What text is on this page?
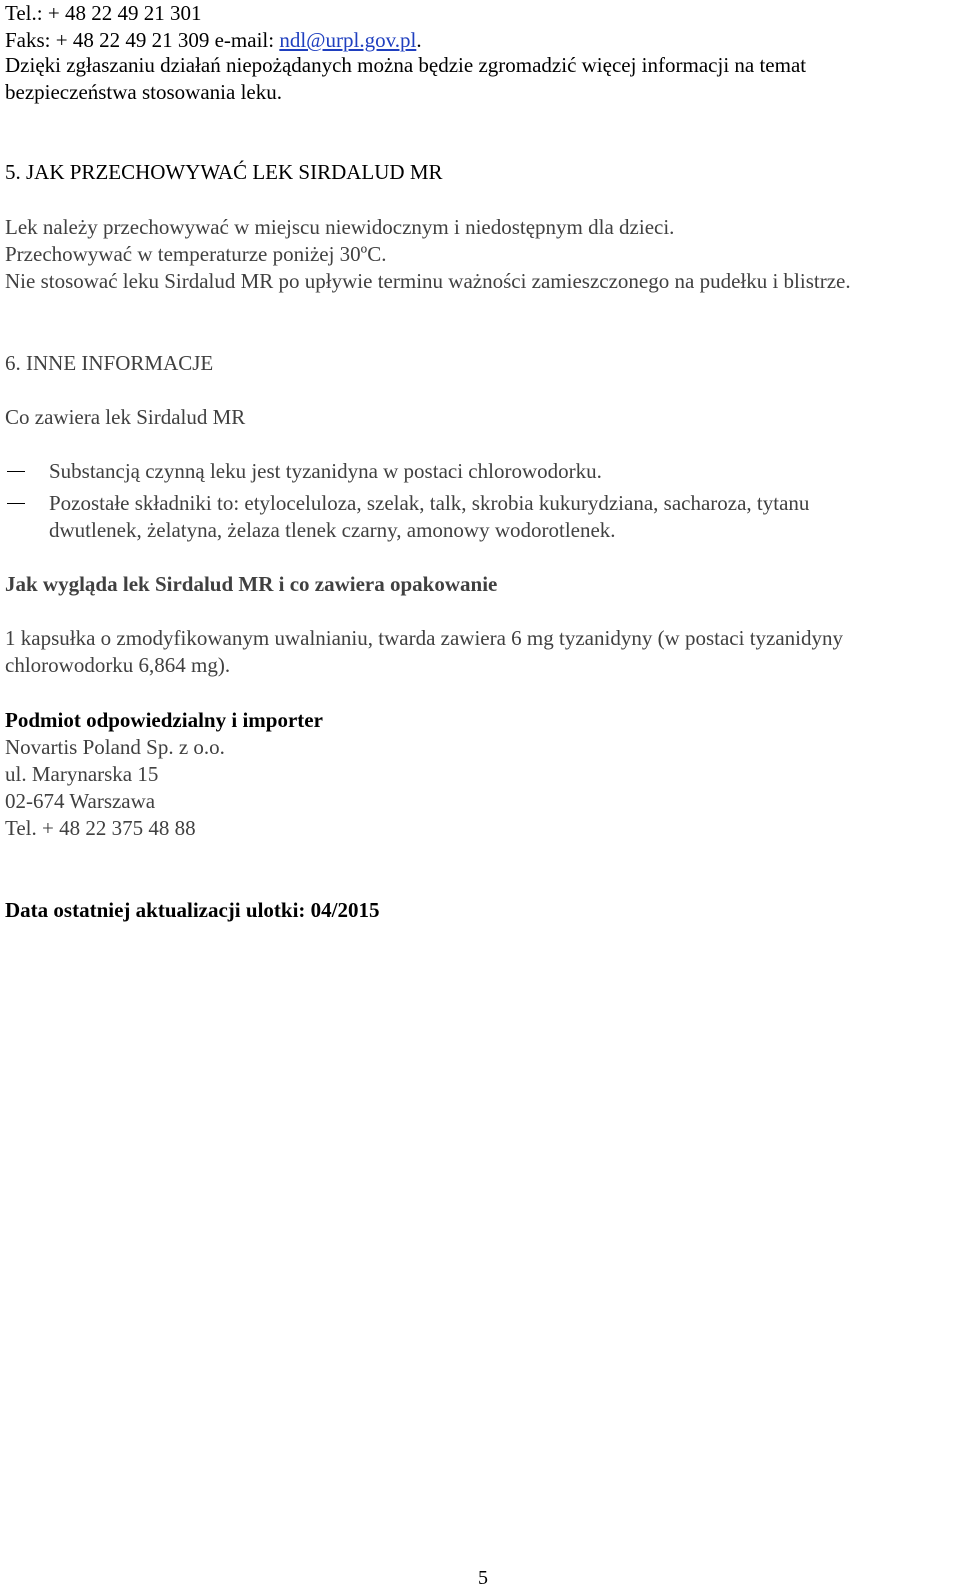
Tel.: + 48 22 49 21 301
Faks: + 48 22 49 21 309 e-mail: ndl@urpl.gov.pl.
Dzięki zgłaszaniu działań niepożądanych można będzie zgromadzić więcej informacji na temat
bezpieczeństwa stosowania leku.
5. JAK PRZECHOWYWAĆ LEK SIRDALUD MR
Lek należy przechowywać w miejscu niewidocznym i niedostępnym dla dzieci.
Przechowywać w temperaturze poniżej 30ºC.
Nie stosować leku Sirdalud MR po upływie terminu ważności zamieszczonego na pudełku i blistrze.
6. INNE INFORMACJE
Co zawiera lek Sirdalud MR
Substancją czynną leku jest tyzanidyna w postaci chlorowodorku.
Pozostałe składniki to: etyloceluloza, szelak, talk, skrobia kukurydziana, sacharoza, tytanu
dwutlenek, żelatyna, żelaza tlenek czarny, amonowy wodorotlenek.
Jak wygląda lek Sirdalud MR i co zawiera opakowanie
1 kapsułka o zmodyfikowanym uwalnianiu, twarda zawiera 6 mg tyzanidyny (w postaci tyzanidyny
chlorowodorku 6,864 mg).
Podmiot odpowiedzialny i importer
Novartis Poland Sp. z o.o.
ul. Marynarska 15
02-674 Warszawa
Tel. + 48 22 375 48 88
Data ostatniej aktualizacji ulotki: 04/2015
5
